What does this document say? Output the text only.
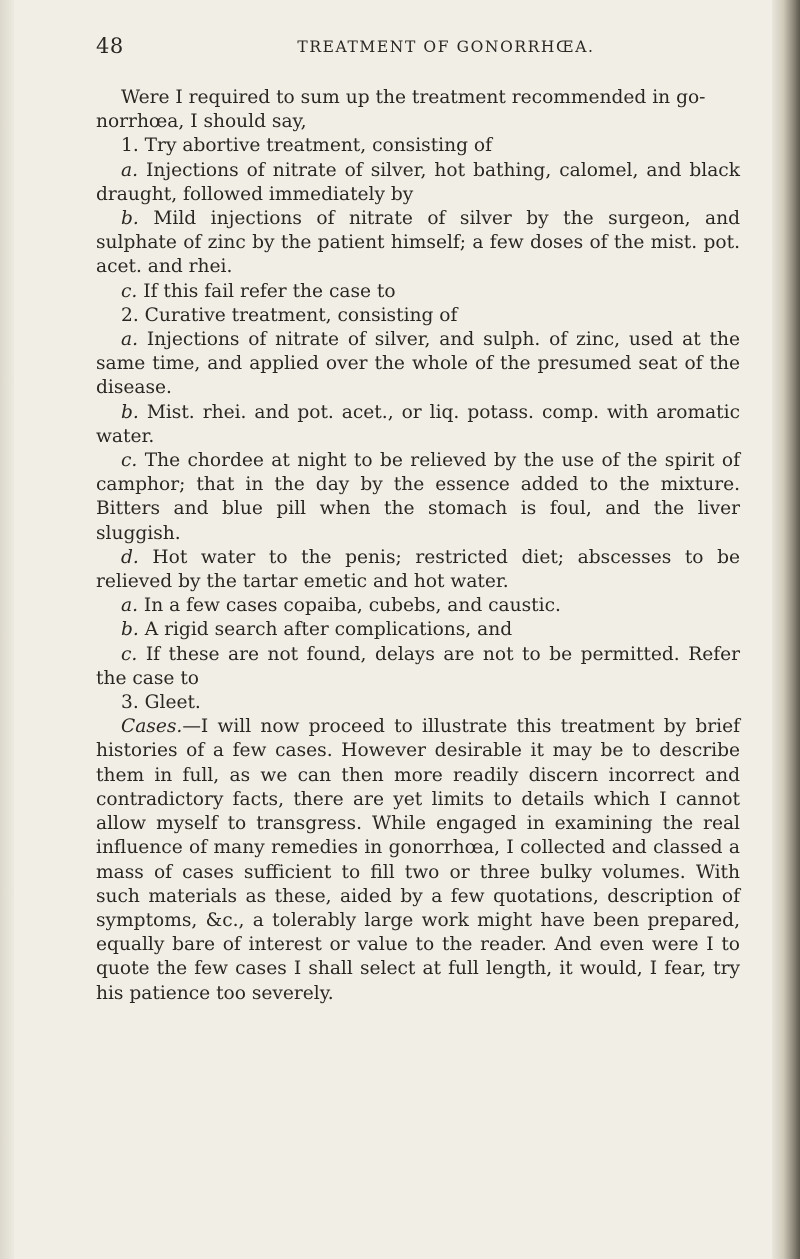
48	TREATMENT OF GONORRHŒA.

Were I required to sum up the treatment recommended in go-
norrhœa, I should say,

1. Try abortive treatment, consisting of

a. Injections of nitrate of silver, hot bathing, calomel, and black draught, followed immediately by

b. Mild injections of nitrate of silver by the surgeon, and sulphate of zinc by the patient himself; a few doses of the mist. pot. acet. and rhei.

c. If this fail refer the case to

2. Curative treatment, consisting of

a. Injections of nitrate of silver, and sulph. of zinc, used at the same time, and applied over the whole of the presumed seat of the disease.

b. Mist. rhei. and pot. acet., or liq. potass. comp. with aromatic water.

c. The chordee at night to be relieved by the use of the spirit of camphor; that in the day by the essence added to the mixture. Bitters and blue pill when the stomach is foul, and the liver sluggish.

d. Hot water to the penis; restricted diet; abscesses to be relieved by the tartar emetic and hot water.

a. In a few cases copaiba, cubebs, and caustic.

b. A rigid search after complications, and

c. If these are not found, delays are not to be permitted. Refer the case to

3. Gleet.

Cases.—I will now proceed to illustrate this treatment by brief histories of a few cases. However desirable it may be to describe them in full, as we can then more readily discern incorrect and contradictory facts, there are yet limits to details which I cannot allow myself to transgress. While engaged in examining the real influence of many remedies in gonorrhœa, I collected and classed a mass of cases sufficient to fill two or three bulky volumes. With such materials as these, aided by a few quotations, description of symptoms, &c., a tolerably large work might have been prepared, equally bare of interest or value to the reader. And even were I to quote the few cases I shall select at full length, it would, I fear, try his patience too severely.
